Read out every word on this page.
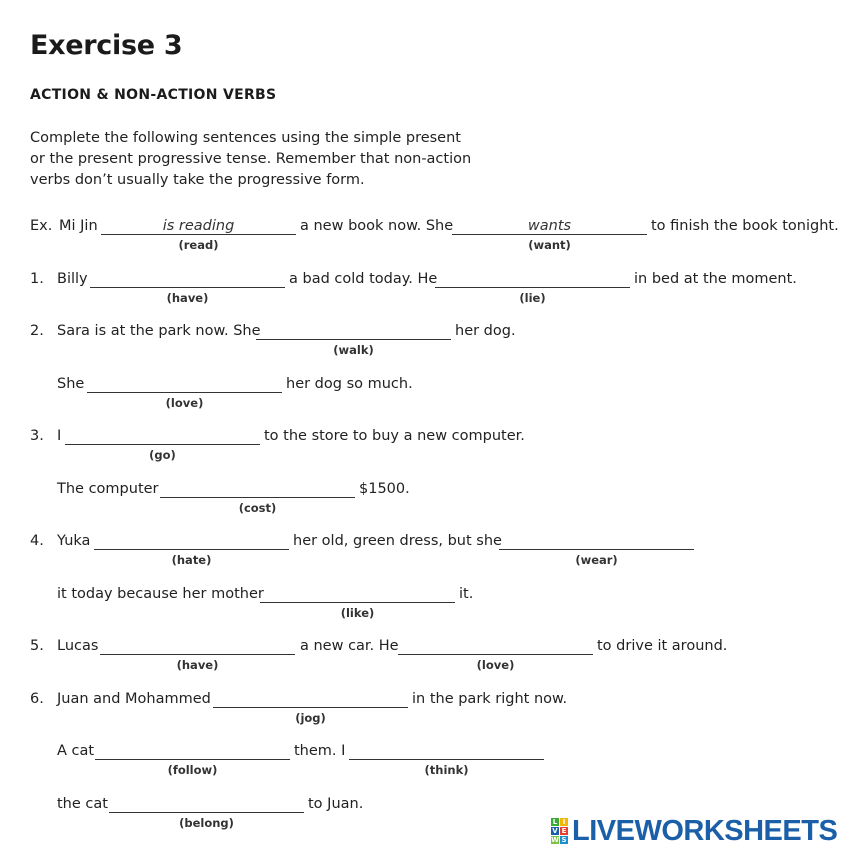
Exercise 3
ACTION & NON-ACTION VERBS
Complete the following sentences using the simple present
or the present progressive tense. Remember that non-action
verbs don’t usually take the progressive form.
Ex. Mi Jin	is reading
(read)
a new book now. She	wants
(want)
to finish the book tonight.
1. Billy
(have)
a bad cold today. He
(lie)
in bed at the moment.
2. Sara is at the park now. She
(walk)
her dog.
She
(love)
her dog so much.
3. I
(go)
to the store to buy a new computer.
The computer
(cost)
$1500.
4. Yuka
(hate)
her old, green dress, but she
(wear)
it today because her mother
(like)
it.
5. Lucas
(have)
a new car. He
(love)
to drive it around.
6. Juan and Mohammed
(jog)
in the park right now.
A cat
(follow)
them. I
(think)
the cat
(belong)
to Juan.
L I
V E
W S LIVEWORKSHEETS
